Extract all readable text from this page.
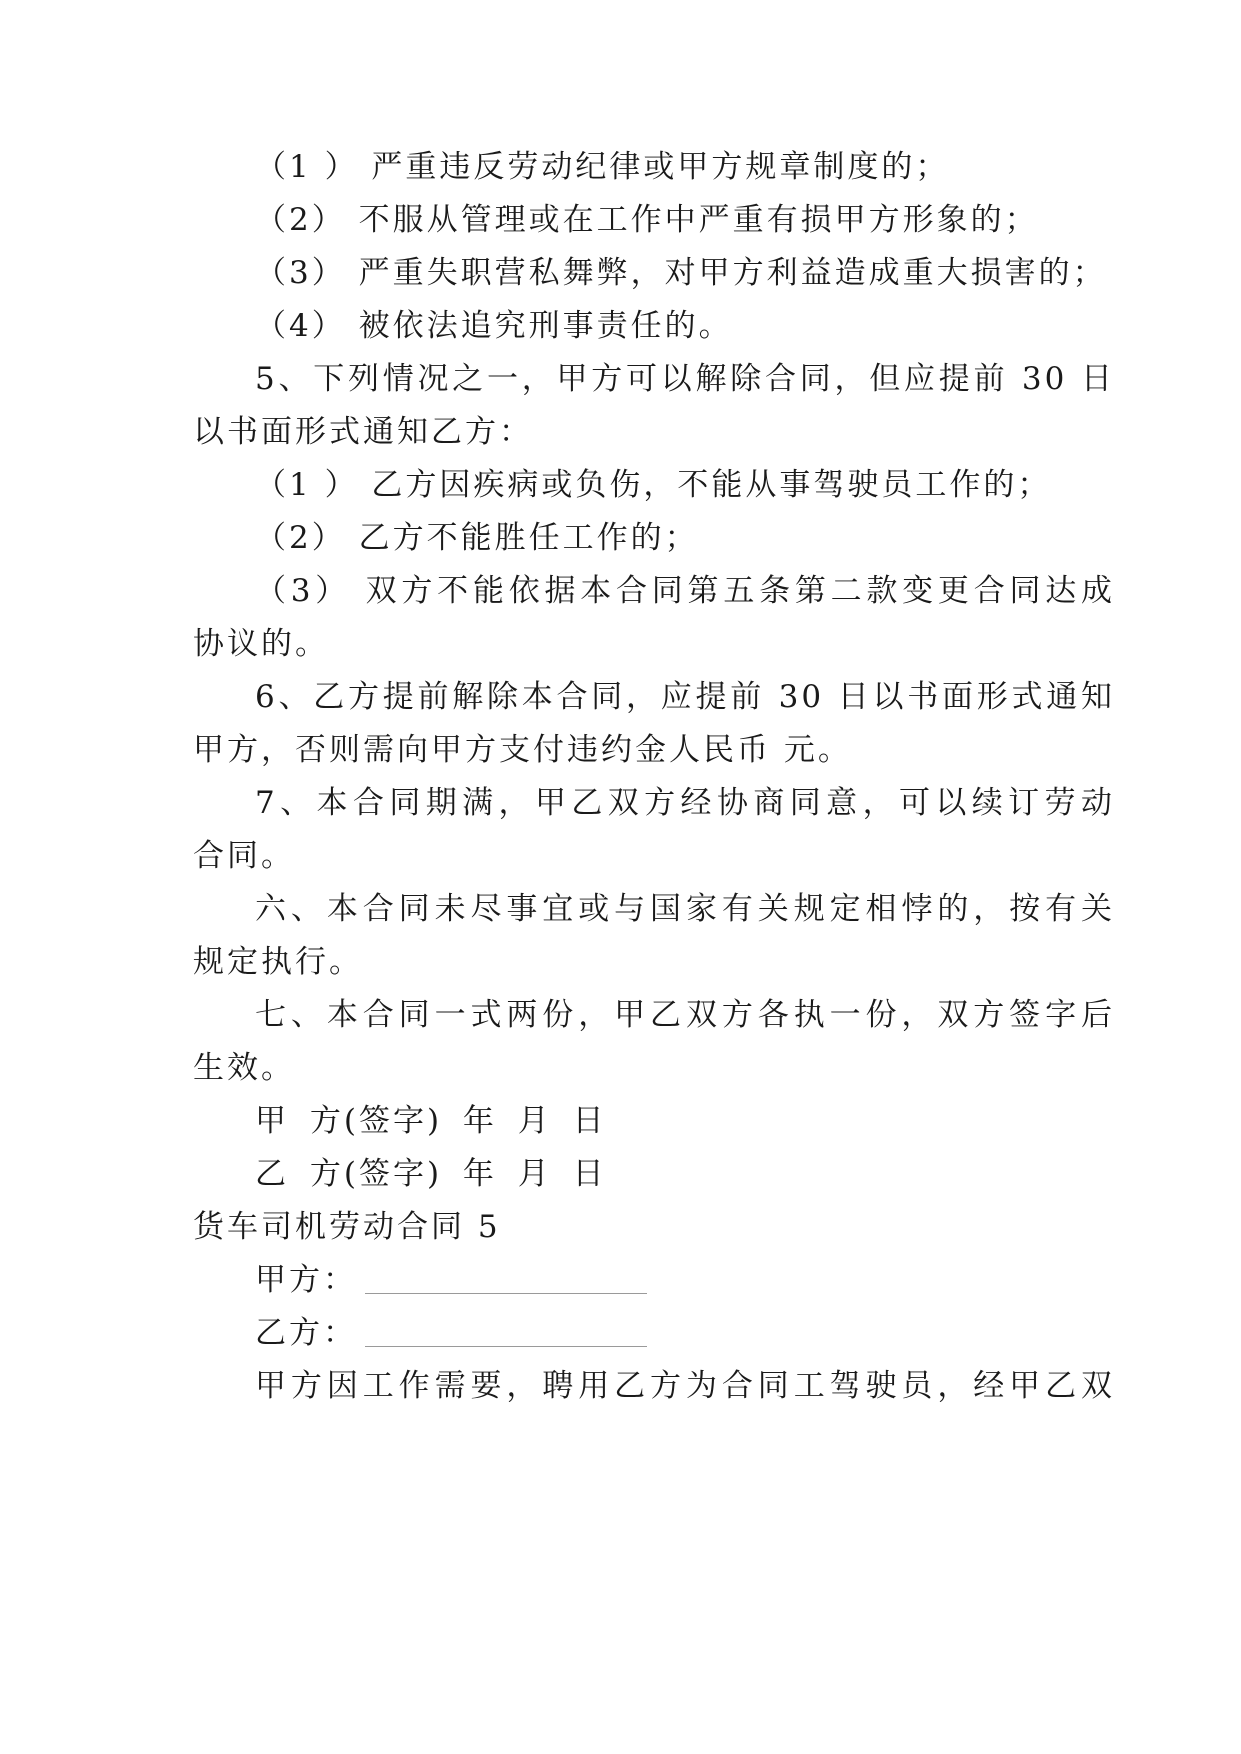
（1 ） 严重违反劳动纪律或甲方规章制度的；
（2） 不服从管理或在工作中严重有损甲方形象的；
（3） 严重失职营私舞弊，对甲方利益造成重大损害的；
（4） 被依法追究刑事责任的。
5、下列情况之一，甲方可以解除合同，但应提前 30 日
以书面形式通知乙方：
（1 ） 乙方因疾病或负伤，不能从事驾驶员工作的；
（2） 乙方不能胜任工作的；
（3） 双方不能依据本合同第五条第二款变更合同达成
协议的。
6、乙方提前解除本合同，应提前 30 日以书面形式通知
甲方，否则需向甲方支付违约金人民币 元。
7、本合同期满，甲乙双方经协商同意，可以续订劳动
合同。
六、本合同未尽事宜或与国家有关规定相悖的，按有关
规定执行。
七、本合同一式两份，甲乙双方各执一份，双方签字后
生效。
甲 方(签字) 年 月 日
乙 方(签字) 年 月 日
货车司机劳动合同 5
甲方：
乙方：
甲方因工作需要，聘用乙方为合同工驾驶员，经甲乙双
